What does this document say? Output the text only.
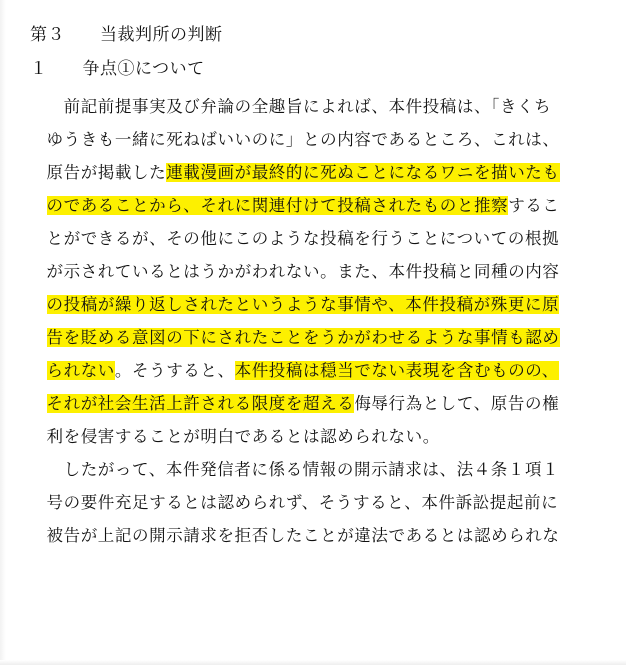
第３　　当裁判所の判断
１　　争点①について

　前記前提事実及び弁論の全趣旨によれば、本件投稿は、「きくち
ゆうきも一緒に死ねばいいのに」との内容であるところ、これは、
原告が掲載した連載漫画が最終的に死ぬことになるワニを描いたも
のであることから、それに関連付けて投稿されたものと推察するこ
とができるが、その他にこのような投稿を行うことについての根拠
が示されているとはうかがわれない。また、本件投稿と同種の内容
の投稿が繰り返しされたというような事情や、本件投稿が殊更に原
告を貶める意図の下にされたことをうかがわせるような事情も認め
られない。そうすると、本件投稿は穏当でない表現を含むものの、
それが社会生活上許される限度を超える侮辱行為として、原告の権
利を侵害することが明白であるとは認められない。

　したがって、本件発信者に係る情報の開示請求は、法４条１項１
号の要件充足するとは認められず、そうすると、本件訴訟提起前に
被告が上記の開示請求を拒否したことが違法であるとは認められな
